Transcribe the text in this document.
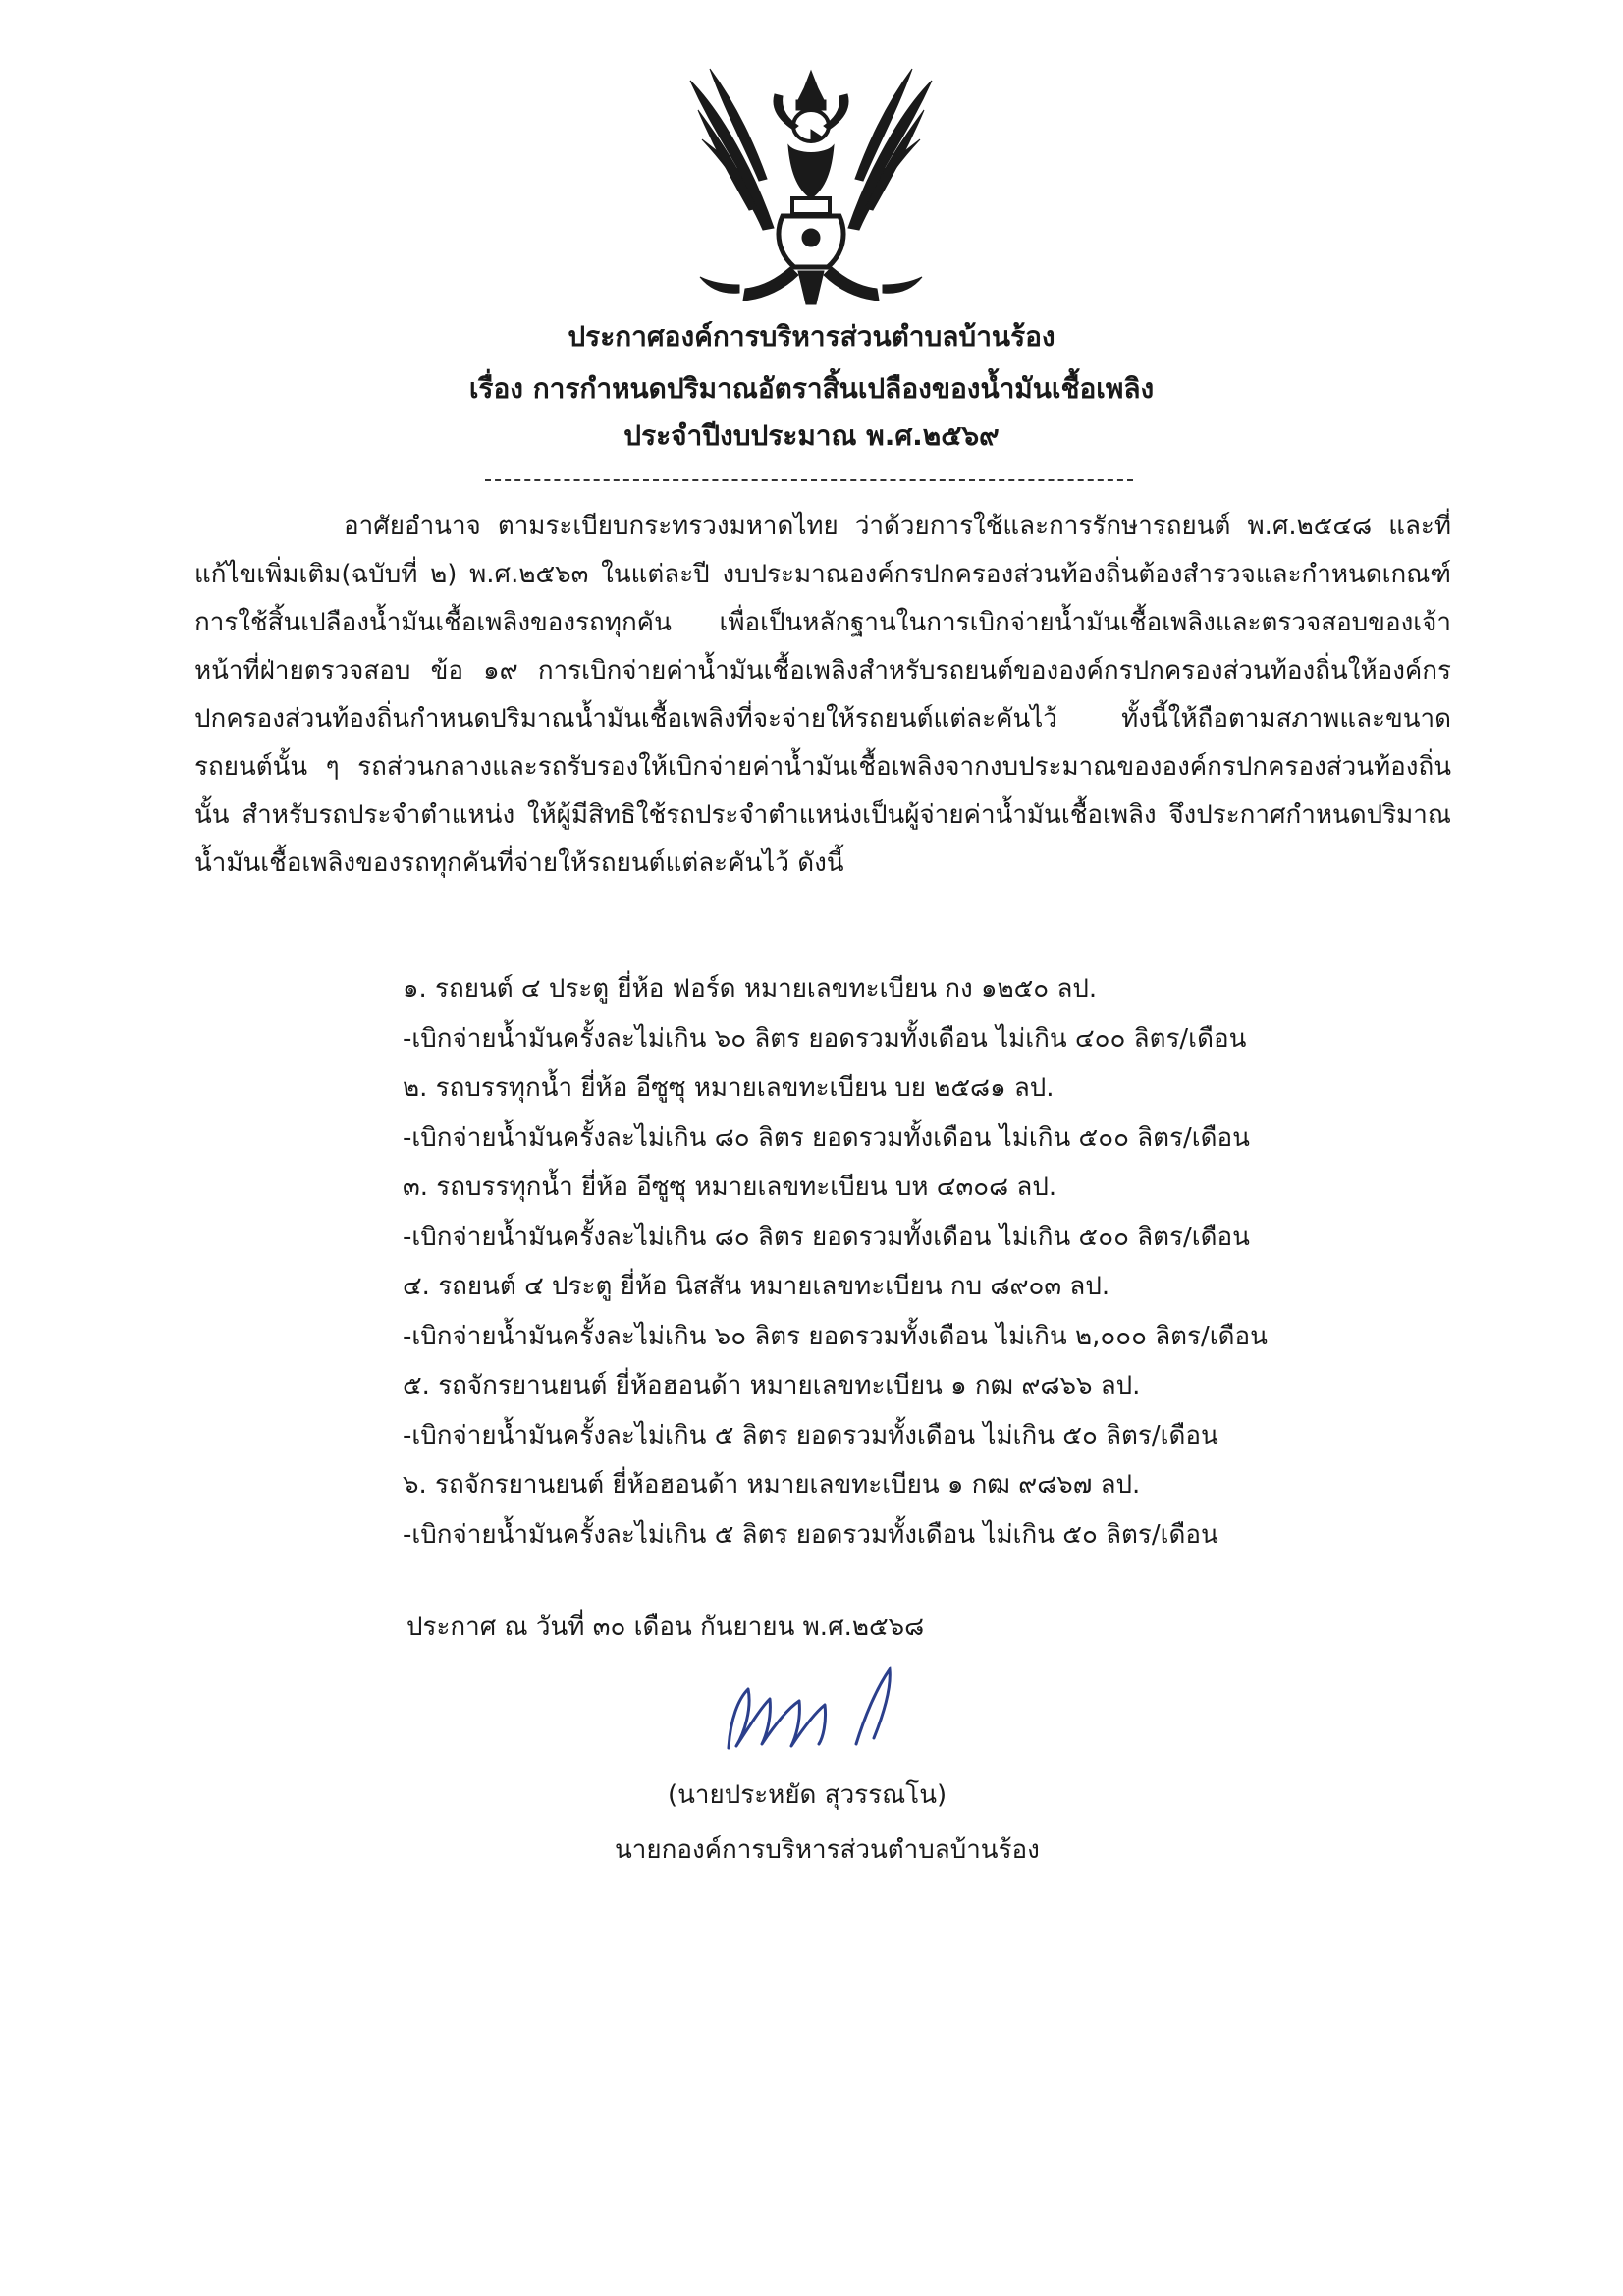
ประกาศองค์การบริหารส่วนตำบลบ้านร้อง
เรื่อง การกำหนดปริมาณอัตราสิ้นเปลืองของน้ำมันเชื้อเพลิง
ประจำปีงบประมาณ พ.ศ.๒๕๖๙

อาศัยอำนาจ ตามระเบียบกระทรวงมหาดไทย ว่าด้วยการใช้และการรักษารถยนต์ พ.ศ.๒๕๔๘ และที่แก้ไขเพิ่มเติม(ฉบับที่ ๒) พ.ศ.๒๕๖๓ ในแต่ละปี งบประมาณองค์กรปกครองส่วนท้องถิ่นต้องสำรวจและกำหนดเกณฑ์การใช้สิ้นเปลืองน้ำมันเชื้อเพลิงของรถทุกคัน เพื่อเป็นหลักฐานในการเบิกจ่ายน้ำมันเชื้อเพลิงและตรวจสอบของเจ้าหน้าที่ฝ่ายตรวจสอบ ข้อ ๑๙ การเบิกจ่ายค่าน้ำมันเชื้อเพลิงสำหรับรถยนต์ขององค์กรปกครองส่วนท้องถิ่นให้องค์กรปกครองส่วนท้องถิ่นกำหนดปริมาณน้ำมันเชื้อเพลิงที่จะจ่ายให้รถยนต์แต่ละคันไว้ ทั้งนี้ให้ถือตามสภาพและขนาดรถยนต์นั้น ๆ รถส่วนกลางและรถรับรองให้เบิกจ่ายค่าน้ำมันเชื้อเพลิงจากงบประมาณขององค์กรปกครองส่วนท้องถิ่นนั้น สำหรับรถประจำตำแหน่ง ให้ผู้มีสิทธิใช้รถประจำตำแหน่งเป็นผู้จ่ายค่าน้ำมันเชื้อเพลิง จึงประกาศกำหนดปริมาณน้ำมันเชื้อเพลิงของรถทุกคันที่จ่ายให้รถยนต์แต่ละคันไว้ ดังนี้

๑. รถยนต์ ๔ ประตู ยี่ห้อ ฟอร์ด หมายเลขทะเบียน กง ๑๒๕๐ ลป.
-เบิกจ่ายน้ำมันครั้งละไม่เกิน ๖๐ ลิตร ยอดรวมทั้งเดือน ไม่เกิน ๔๐๐ ลิตร/เดือน
๒. รถบรรทุกน้ำ ยี่ห้อ อีซูซุ หมายเลขทะเบียน บย ๒๕๘๑ ลป.
-เบิกจ่ายน้ำมันครั้งละไม่เกิน ๘๐ ลิตร ยอดรวมทั้งเดือน ไม่เกิน ๕๐๐ ลิตร/เดือน
๓. รถบรรทุกน้ำ ยี่ห้อ อีซูซุ หมายเลขทะเบียน บห ๔๓๐๘ ลป.
-เบิกจ่ายน้ำมันครั้งละไม่เกิน ๘๐ ลิตร ยอดรวมทั้งเดือน ไม่เกิน ๕๐๐ ลิตร/เดือน
๔. รถยนต์ ๔ ประตู ยี่ห้อ นิสสัน หมายเลขทะเบียน กบ ๘๙๐๓ ลป.
-เบิกจ่ายน้ำมันครั้งละไม่เกิน ๖๐ ลิตร ยอดรวมทั้งเดือน ไม่เกิน ๒,๐๐๐ ลิตร/เดือน
๕. รถจักรยานยนต์ ยี่ห้อฮอนด้า หมายเลขทะเบียน ๑ กฒ ๙๘๖๖ ลป.
-เบิกจ่ายน้ำมันครั้งละไม่เกิน ๕ ลิตร ยอดรวมทั้งเดือน ไม่เกิน ๕๐ ลิตร/เดือน
๖. รถจักรยานยนต์ ยี่ห้อฮอนด้า หมายเลขทะเบียน ๑ กฒ ๙๘๖๗ ลป.
-เบิกจ่ายน้ำมันครั้งละไม่เกิน ๕ ลิตร ยอดรวมทั้งเดือน ไม่เกิน ๕๐ ลิตร/เดือน
ประกาศ ณ วันที่ ๓๐ เดือน กันยายน พ.ศ.๒๕๖๘
(นายประหยัด สุวรรณโน)
นายกองค์การบริหารส่วนตำบลบ้านร้อง
